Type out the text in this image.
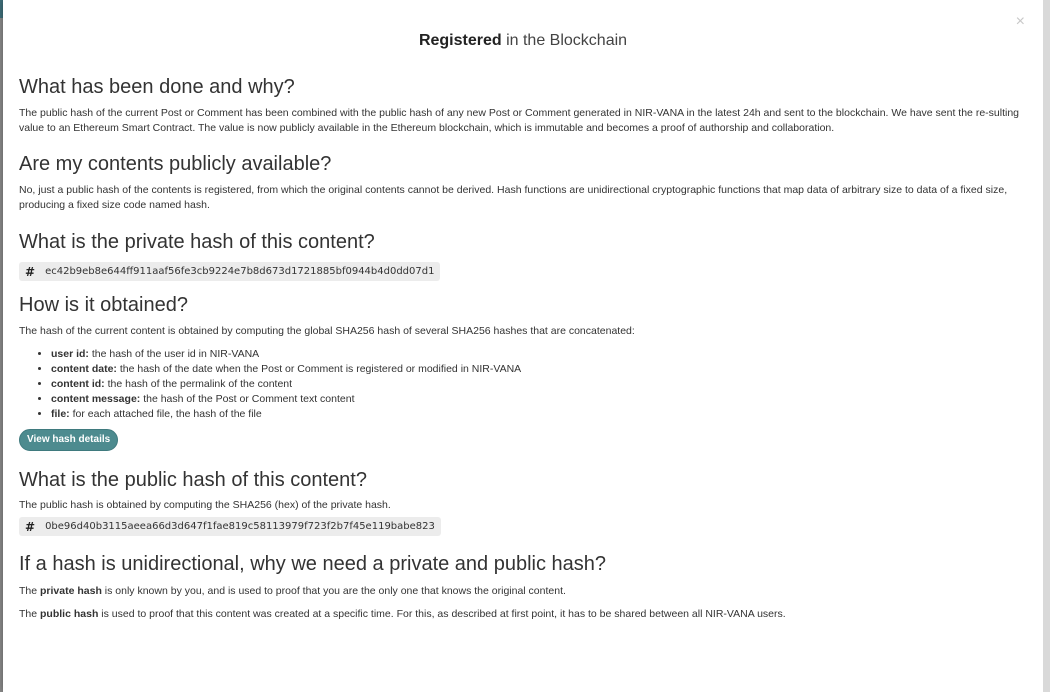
×
Registered in the Blockchain
What has been done and why?

The public hash of the current Post or Comment has been combined with the public hash of any new Post or Comment generated in NIR-VANA in the latest 24h and sent to the blockchain. We have sent the re-sulting value to an Ethereum Smart Contract. The value is now publicly available in the Ethereum blockchain, which is immutable and becomes a proof of authorship and collaboration.

Are my contents publicly available?

No, just a public hash of the contents is registered, from which the original contents cannot be derived. Hash functions are unidirectional cryptographic functions that map data of arbitrary size to data of a fixed size, producing a fixed size code named hash.

What is the private hash of this content?
# ec42b9eb8e644ff911aaf56fe3cb9224e7b8d673d1721885bf0944b4d0dd07d1
How is it obtained?

The hash of the current content is obtained by computing the global SHA256 hash of several SHA256 hashes that are concatenated:

• user id: the hash of the user id in NIR-VANA
• content date: the hash of the date when the Post or Comment is registered or modified in NIR-VANA
• content id: the hash of the permalink of the content
• content message: the hash of the Post or Comment text content
• file: for each attached file, the hash of the file
View hash details
What is the public hash of this content?

The public hash is obtained by computing the SHA256 (hex) of the private hash.

# 0be96d40b3115aeea66d3d647f1fae819c58113979f723f2b7f45e119babe823
If a hash is unidirectional, why we need a private and public hash?

The private hash is only known by you, and is used to proof that you are the only one that knows the original content.

The public hash is used to proof that this content was created at a specific time. For this, as described at first point, it has to be shared between all NIR-VANA users.
